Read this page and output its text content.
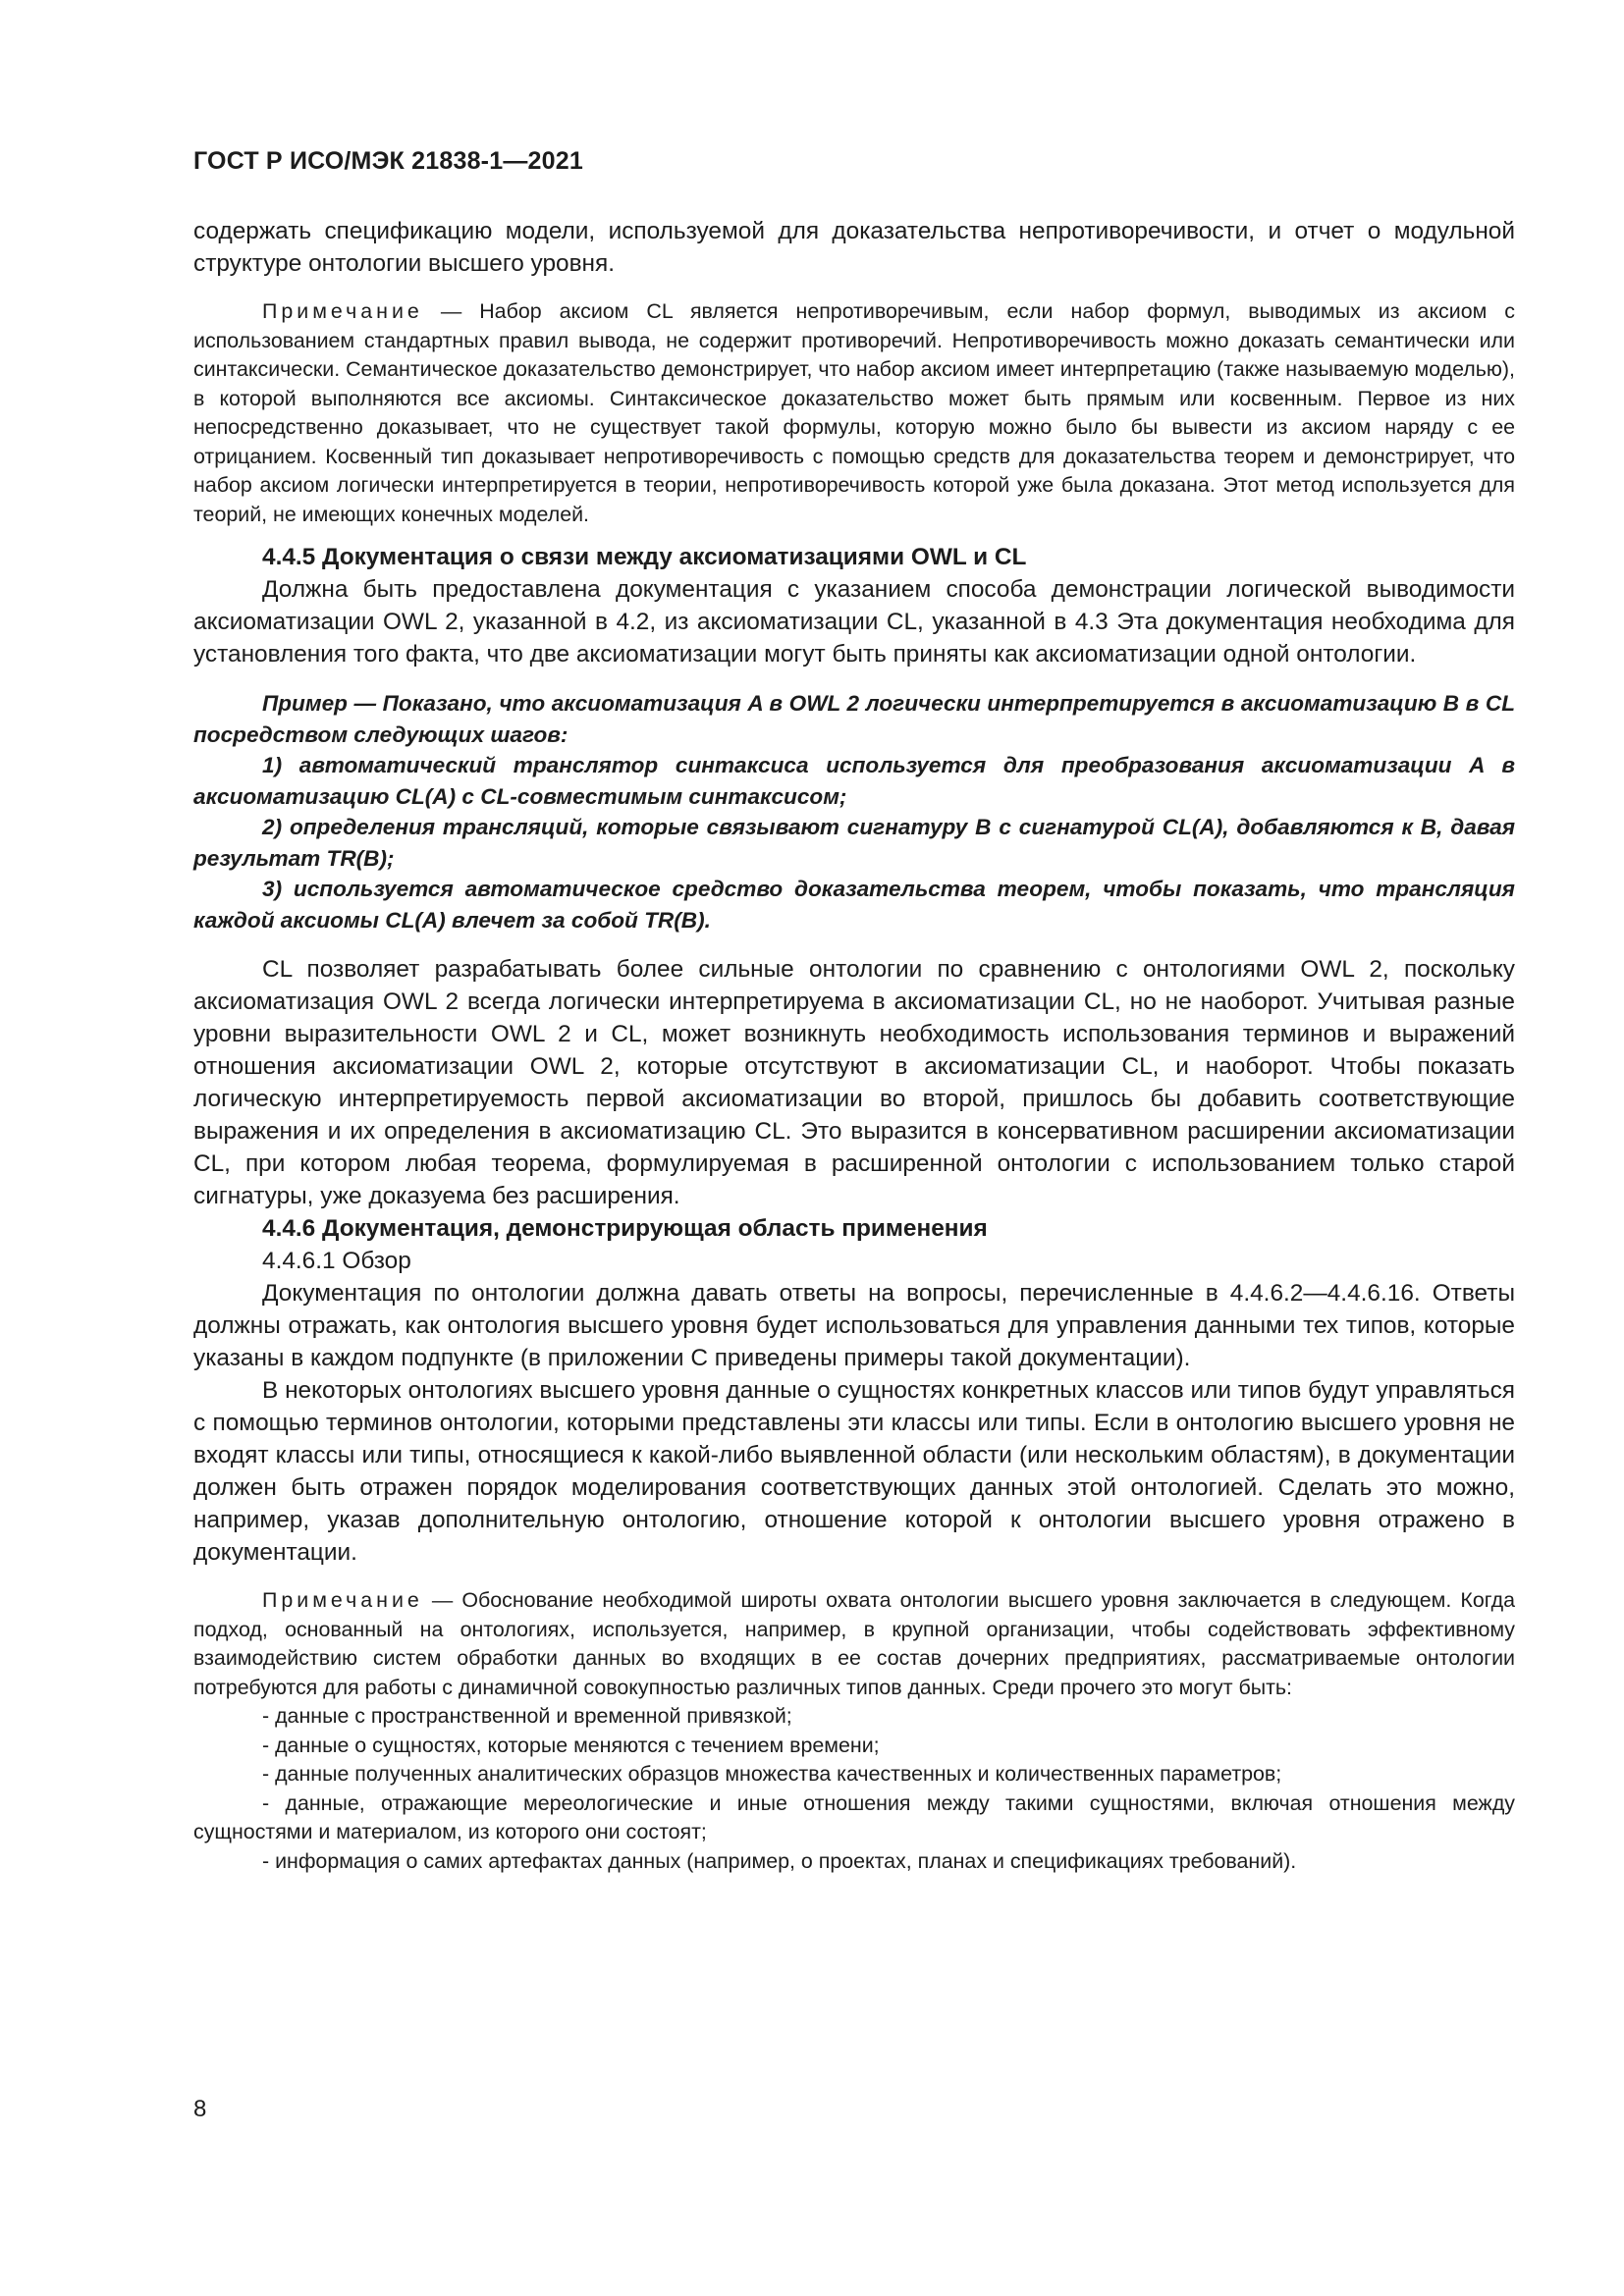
ГОСТ Р ИСО/МЭК 21838-1—2021

содержать спецификацию модели, используемой для доказательства непротиворечивости, и отчет о модульной структуре онтологии высшего уровня.

Примечание — Набор аксиом CL является непротиворечивым, если набор формул, выводимых из аксиом с использованием стандартных правил вывода, не содержит противоречий. Непротиворечивость можно доказать семантически или синтаксически. Семантическое доказательство демонстрирует, что набор аксиом имеет интерпретацию (также называемую моделью), в которой выполняются все аксиомы. Синтаксическое доказательство может быть прямым или косвенным. Первое из них непосредственно доказывает, что не существует такой формулы, которую можно было бы вывести из аксиом наряду с ее отрицанием. Косвенный тип доказывает непротиворечивость с помощью средств для доказательства теорем и демонстрирует, что набор аксиом логически интерпретируется в теории, непротиворечивость которой уже была доказана. Этот метод используется для теорий, не имеющих конечных моделей.

4.4.5 Документация о связи между аксиоматизациями OWL и CL

Должна быть предоставлена документация с указанием способа демонстрации логической выводимости аксиоматизации OWL 2, указанной в 4.2, из аксиоматизации CL, указанной в 4.3 Эта документация необходима для установления того факта, что две аксиоматизации могут быть приняты как аксиоматизации одной онтологии.

Пример — Показано, что аксиоматизация A в OWL 2 логически интерпретируется в аксиоматизацию B в CL посредством следующих шагов:

1) автоматический транслятор синтаксиса используется для преобразования аксиоматизации A в аксиоматизацию CL(A) с CL-совместимым синтаксисом;

2) определения трансляций, которые связывают сигнатуру B с сигнатурой CL(A), добавляются к B, давая результат TR(B);

3) используется автоматическое средство доказательства теорем, чтобы показать, что трансляция каждой аксиомы CL(A) влечет за собой TR(B).

CL позволяет разрабатывать более сильные онтологии по сравнению с онтологиями OWL 2, поскольку аксиоматизация OWL 2 всегда логически интерпретируема в аксиоматизации CL, но не наоборот. Учитывая разные уровни выразительности OWL 2 и CL, может возникнуть необходимость использования терминов и выражений отношения аксиоматизации OWL 2, которые отсутствуют в аксиоматизации CL, и наоборот. Чтобы показать логическую интерпретируемость первой аксиоматизации во второй, пришлось бы добавить соответствующие выражения и их определения в аксиоматизацию CL. Это выразится в консервативном расширении аксиоматизации CL, при котором любая теорема, формулируемая в расширенной онтологии с использованием только старой сигнатуры, уже доказуема без расширения.

4.4.6 Документация, демонстрирующая область применения

4.4.6.1 Обзор

Документация по онтологии должна давать ответы на вопросы, перечисленные в 4.4.6.2—4.4.6.16. Ответы должны отражать, как онтология высшего уровня будет использоваться для управления данными тех типов, которые указаны в каждом подпункте (в приложении С приведены примеры такой документации).

В некоторых онтологиях высшего уровня данные о сущностях конкретных классов или типов будут управляться с помощью терминов онтологии, которыми представлены эти классы или типы. Если в онтологию высшего уровня не входят классы или типы, относящиеся к какой-либо выявленной области (или нескольким областям), в документации должен быть отражен порядок моделирования соответствующих данных этой онтологией. Сделать это можно, например, указав дополнительную онтологию, отношение которой к онтологии высшего уровня отражено в документации.

Примечание — Обоснование необходимой широты охвата онтологии высшего уровня заключается в следующем. Когда подход, основанный на онтологиях, используется, например, в крупной организации, чтобы содействовать эффективному взаимодействию систем обработки данных во входящих в ее состав дочерних предприятиях, рассматриваемые онтологии потребуются для работы с динамичной совокупностью различных типов данных. Среди прочего это могут быть:

- данные с пространственной и временной привязкой;

- данные о сущностях, которые меняются с течением времени;

- данные полученных аналитических образцов множества качественных и количественных параметров;

- данные, отражающие мереологические и иные отношения между такими сущностями, включая отношения между сущностями и материалом, из которого они состоят;

- информация о самих артефактах данных (например, о проектах, планах и спецификациях требований).

8
